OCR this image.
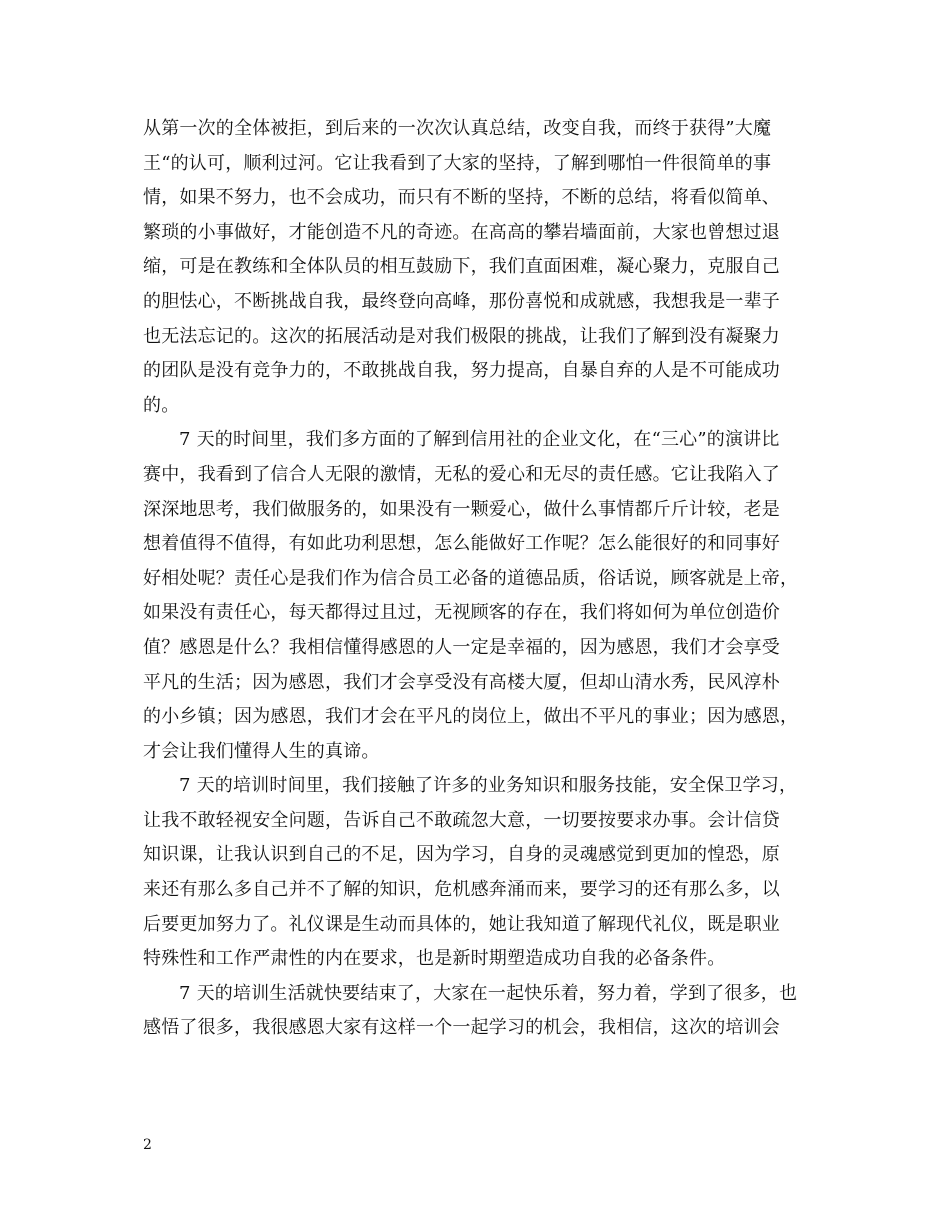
从第一次的全体被拒，到后来的一次次认真总结，改变自我，而终于获得”大魔
王“的认可，顺利过河。它让我看到了大家的坚持，了解到哪怕一件很简单的事
情，如果不努力，也不会成功，而只有不断的坚持，不断的总结，将看似简单、
繁琐的小事做好，才能创造不凡的奇迹。在高高的攀岩墙面前，大家也曾想过退
缩，可是在教练和全体队员的相互鼓励下，我们直面困难，凝心聚力，克服自己
的胆怯心，不断挑战自我，最终登向高峰，那份喜悦和成就感，我想我是一辈子
也无法忘记的。这次的拓展活动是对我们极限的挑战，让我们了解到没有凝聚力
的团队是没有竞争力的，不敢挑战自我，努力提高，自暴自弃的人是不可能成功
的。
7 天的时间里，我们多方面的了解到信用社的企业文化，在“三心”的演讲比
赛中，我看到了信合人无限的激情，无私的爱心和无尽的责任感。它让我陷入了
深深地思考，我们做服务的，如果没有一颗爱心，做什么事情都斤斤计较，老是
想着值得不值得，有如此功利思想，怎么能做好工作呢？怎么能很好的和同事好
好相处呢？责任心是我们作为信合员工必备的道德品质，俗话说，顾客就是上帝，
如果没有责任心，每天都得过且过，无视顾客的存在，我们将如何为单位创造价
值？感恩是什么？我相信懂得感恩的人一定是幸福的，因为感恩，我们才会享受
平凡的生活；因为感恩，我们才会享受没有高楼大厦，但却山清水秀，民风淳朴
的小乡镇；因为感恩，我们才会在平凡的岗位上，做出不平凡的事业；因为感恩，
才会让我们懂得人生的真谛。
7 天的培训时间里，我们接触了许多的业务知识和服务技能，安全保卫学习，
让我不敢轻视安全问题，告诉自己不敢疏忽大意，一切要按要求办事。会计信贷
知识课，让我认识到自己的不足，因为学习，自身的灵魂感觉到更加的惶恐，原
来还有那么多自己并不了解的知识，危机感奔涌而来，要学习的还有那么多，以
后要更加努力了。礼仪课是生动而具体的，她让我知道了解现代礼仪，既是职业
特殊性和工作严肃性的内在要求，也是新时期塑造成功自我的必备条件。
7 天的培训生活就快要结束了，大家在一起快乐着，努力着，学到了很多，也
感悟了很多，我很感恩大家有这样一个一起学习的机会，我相信，这次的培训会
2
